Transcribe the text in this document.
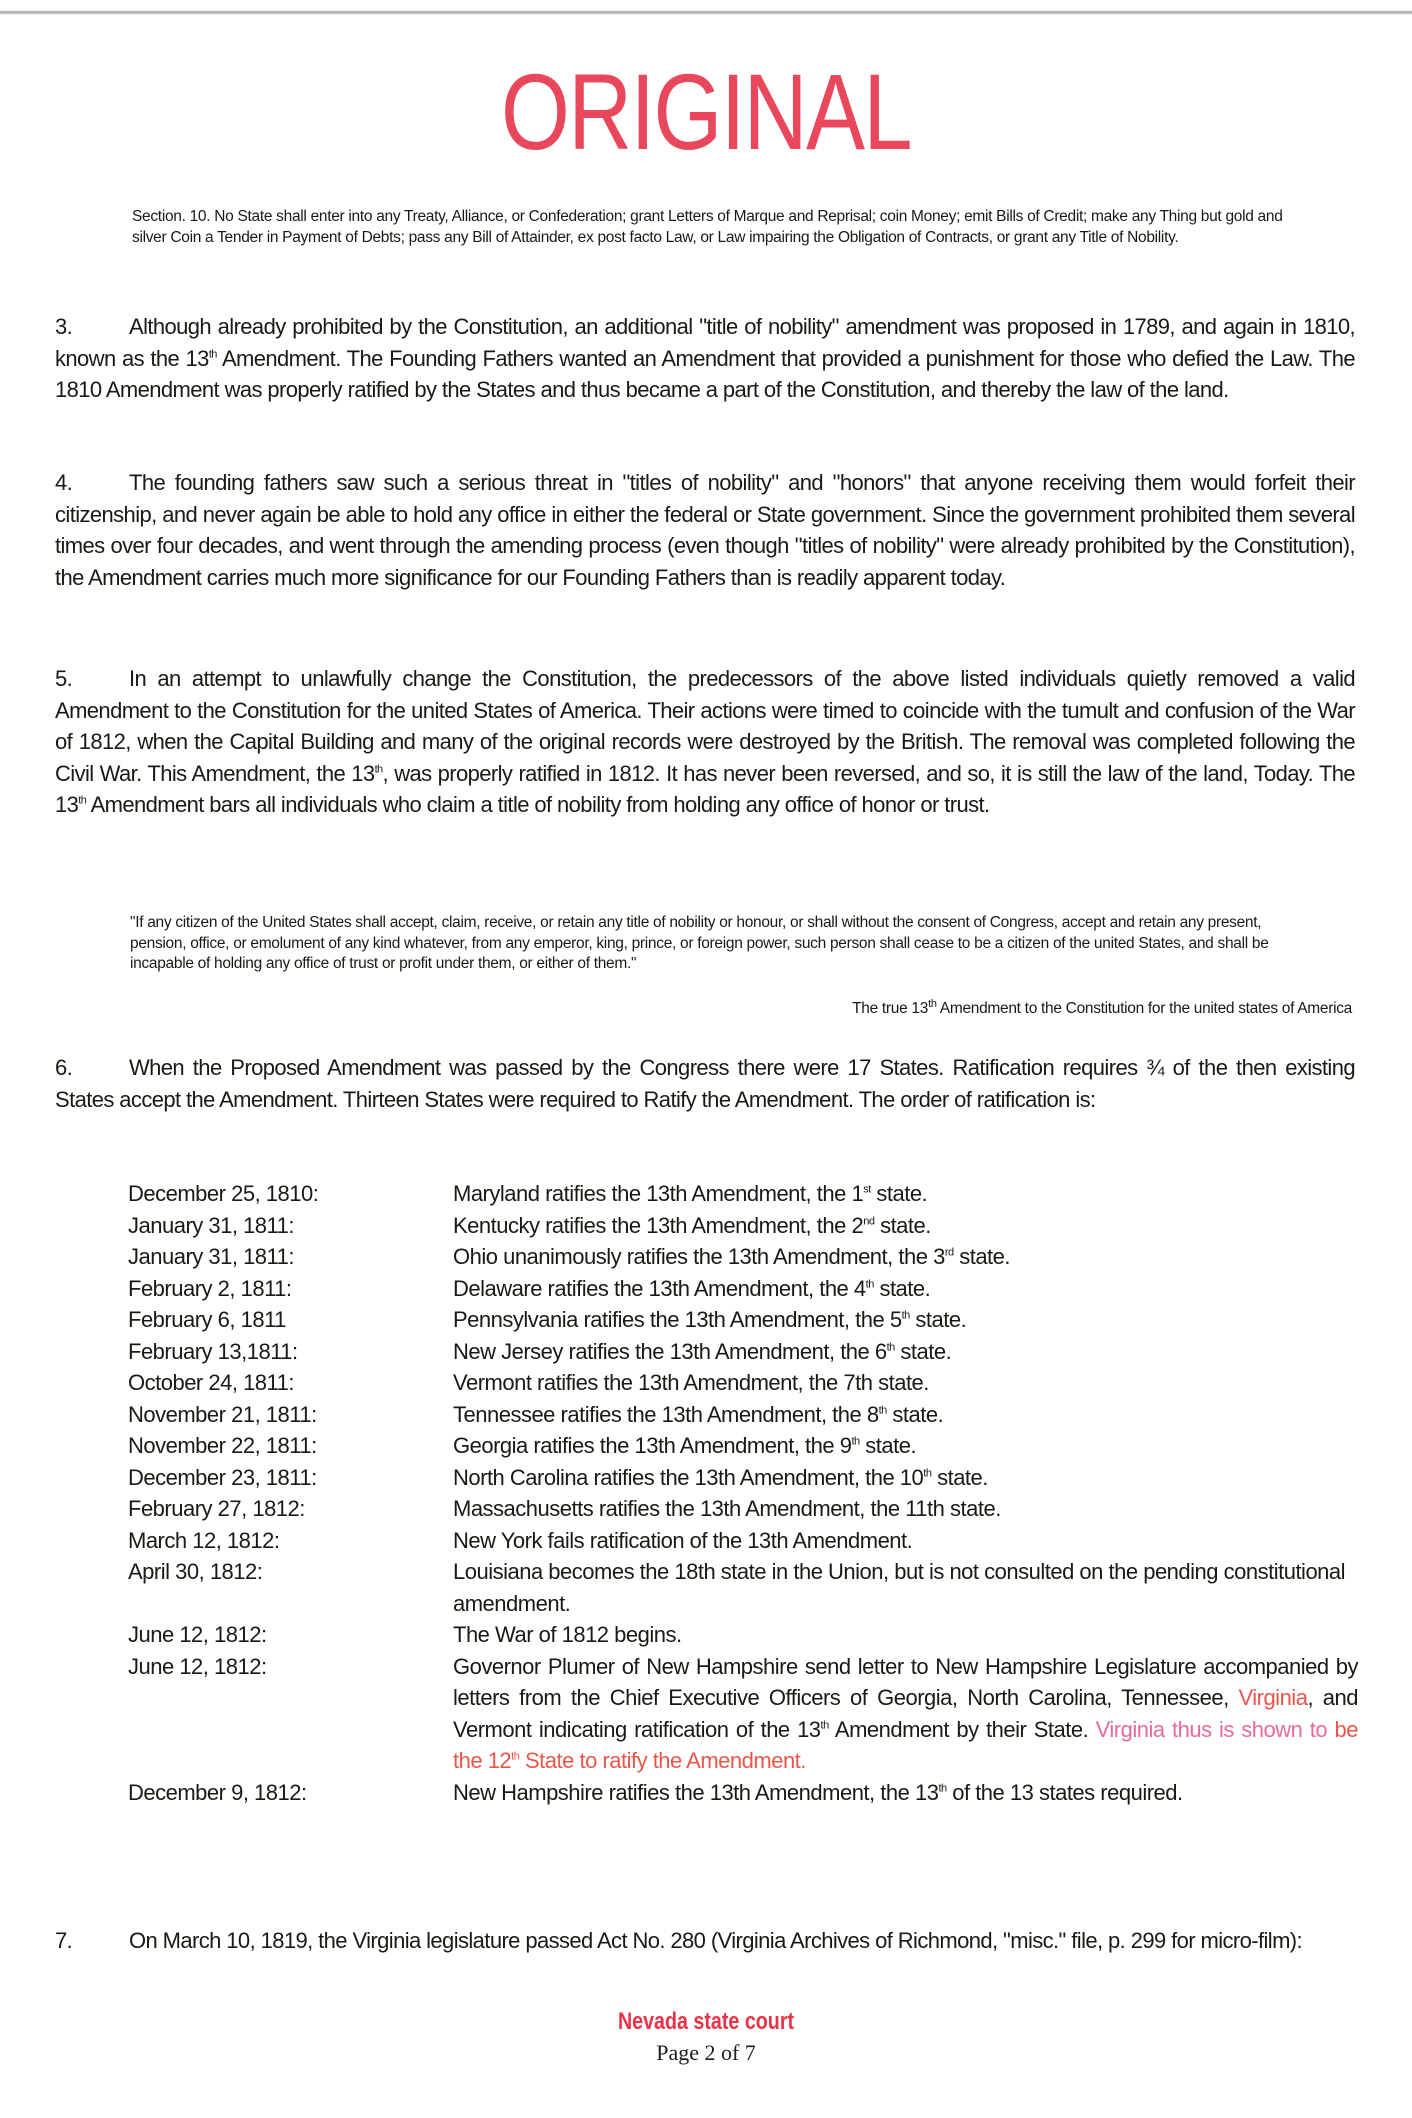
ORIGINAL
Section. 10. No State shall enter into any Treaty, Alliance, or Confederation; grant Letters of Marque and Reprisal; coin Money; emit Bills of Credit; make any Thing but gold and silver Coin a Tender in Payment of Debts; pass any Bill of Attainder, ex post facto Law, or Law impairing the Obligation of Contracts, or grant any Title of Nobility.
3.	Although already prohibited by the Constitution, an additional "title of nobility" amendment was proposed in 1789, and again in 1810, known as the 13th Amendment. The Founding Fathers wanted an Amendment that provided a punishment for those who defied the Law. The 1810 Amendment was properly ratified by the States and thus became a part of the Constitution, and thereby the law of the land.
4.	The founding fathers saw such a serious threat in "titles of nobility" and "honors" that anyone receiving them would forfeit their citizenship, and never again be able to hold any office in either the federal or State government. Since the government prohibited them several times over four decades, and went through the amending process (even though "titles of nobility" were already prohibited by the Constitution), the Amendment carries much more significance for our Founding Fathers than is readily apparent today.
5.	In an attempt to unlawfully change the Constitution, the predecessors of the above listed individuals quietly removed a valid Amendment to the Constitution for the united States of America. Their actions were timed to coincide with the tumult and confusion of the War of 1812, when the Capital Building and many of the original records were destroyed by the British. The removal was completed following the Civil War. This Amendment, the 13th, was properly ratified in 1812. It has never been reversed, and so, it is still the law of the land, Today. The 13th Amendment bars all individuals who claim a title of nobility from holding any office of honor or trust.
"If any citizen of the United States shall accept, claim, receive, or retain any title of nobility or honour, or shall without the consent of Congress, accept and retain any present, pension, office, or emolument of any kind whatever, from any emperor, king, prince, or foreign power, such person shall cease to be a citizen of the united States, and shall be incapable of holding any office of trust or profit under them, or either of them."
The true 13th Amendment to the Constitution for the united states of America
6.	When the Proposed Amendment was passed by the Congress there were 17 States. Ratification requires ¾ of the then existing States accept the Amendment. Thirteen States were required to Ratify the Amendment. The order of ratification is:
December 25, 1810:	Maryland ratifies the 13th Amendment, the 1st state.
January 31, 1811:	Kentucky ratifies the 13th Amendment, the 2nd state.
January 31, 1811:	Ohio unanimously ratifies the 13th Amendment, the 3rd state.
February 2, 1811:	Delaware ratifies the 13th Amendment, the 4th state.
February 6, 1811	Pennsylvania ratifies the 13th Amendment, the 5th state.
February 13,1811:	New Jersey ratifies the 13th Amendment, the 6th state.
October 24, 1811:	Vermont ratifies the 13th Amendment, the 7th state.
November 21, 1811:	Tennessee ratifies the 13th Amendment, the 8th state.
November 22, 1811:	Georgia ratifies the 13th Amendment, the 9th state.
December 23, 1811:	North Carolina ratifies the 13th Amendment, the 10th state.
February 27, 1812:	Massachusetts ratifies the 13th Amendment, the 11th state.
March 12, 1812:	New York fails ratification of the 13th Amendment.
April 30, 1812:	Louisiana becomes the 18th state in the Union, but is not consulted on the pending constitutional amendment.
June 12, 1812:	The War of 1812 begins.
June 12, 1812:	Governor Plumer of New Hampshire send letter to New Hampshire Legislature accompanied by letters from the Chief Executive Officers of Georgia, North Carolina, Tennessee, Virginia, and Vermont indicating ratification of the 13th Amendment by their State. Virginia thus is shown to be the 12th State to ratify the Amendment.
December 9, 1812:	New Hampshire ratifies the 13th Amendment, the 13th of the 13 states required.
7.	On March 10, 1819, the Virginia legislature passed Act No. 280 (Virginia Archives of Richmond, "misc." file, p. 299 for micro-film):
Nevada state court
Page 2 of 7
